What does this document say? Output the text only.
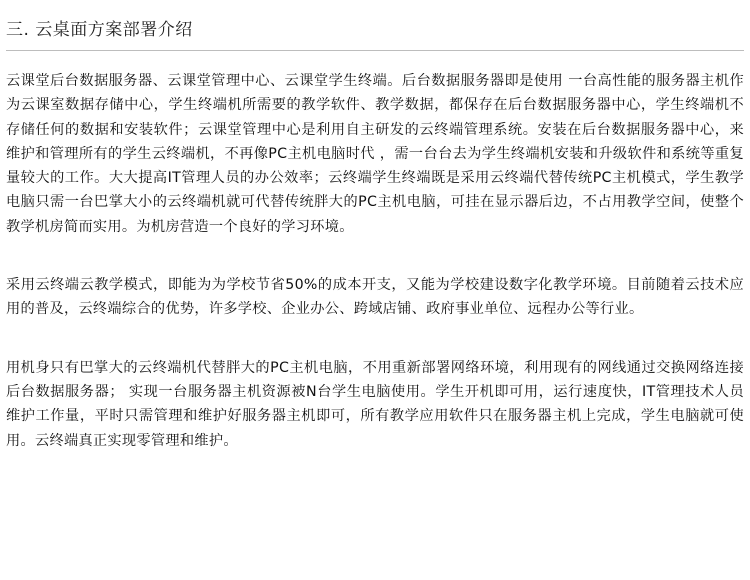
三. 云桌面方案部署介绍

云课堂后台数据服务器、云课堂管理中心、云课堂学生终端。后台数据服务器即是使用 一台高性能的服务器主机作为云课室数据存储中心，学生终端机所需要的教学软件、教学数据，都保存在后台数据服务器中心，学生终端机不存储任何的数据和安装软件；云课堂管理中心是利用自主研发的云终端管理系统。安装在后台数据服务器中心，来维护和管理所有的学生云终端机，不再像PC主机电脑时代 ，需一台台去为学生终端机安装和升级软件和系统等重复量较大的工作。大大提高IT管理人员的办公效率；云终端学生终端既是采用云终端代替传统PC主机模式，学生教学电脑只需一台巴掌大小的云终端机就可代替传统胖大的PC主机电脑，可挂在显示器后边，不占用教学空间，使整个教学机房简而实用。为机房营造一个良好的学习环境。

采用云终端云教学模式，即能为为学校节省50%的成本开支，又能为学校建设数字化教学环境。目前随着云技术应用的普及，云终端综合的优势，许多学校、企业办公、跨域店铺、政府事业单位、远程办公等行业。

用机身只有巴掌大的云终端机代替胖大的PC主机电脑，不用重新部署网络环境，利用现有的网线通过交换网络连接后台数据服务器； 实现一台服务器主机资源被N台学生电脑使用。学生开机即可用，运行速度快，IT管理技术人员维护工作量，平时只需管理和维护好服务器主机即可，所有教学应用软件只在服务器主机上完成，学生电脑就可使用。云终端真正实现零管理和维护。
